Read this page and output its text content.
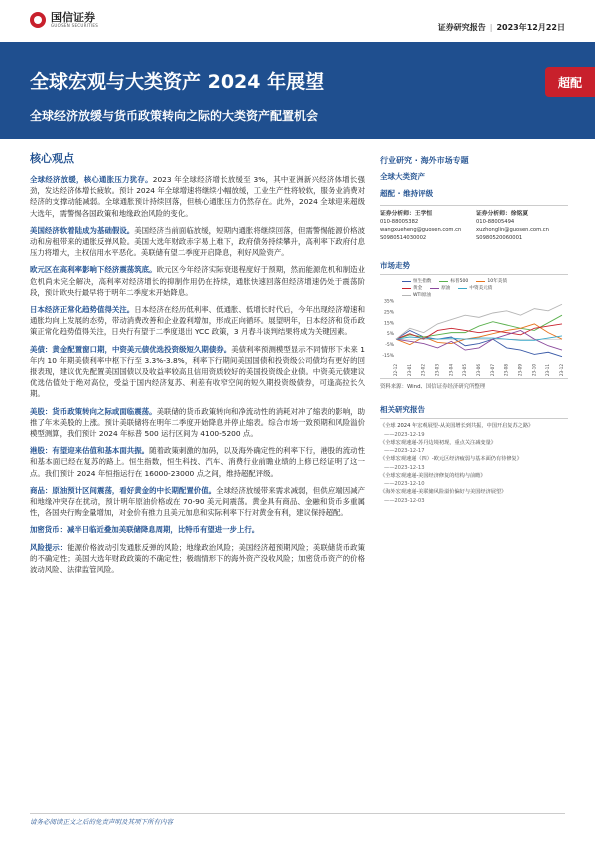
国信证券
GUOSEN SECURITIES	证券研究报告 | 2023年12月22日
全球宏观与大类资产 2024 年展望
全球经济放缓与货币政策转向之际的大类资产配置机会
超配
核心观点
全球经济放缓，核心通胀压力犹存。2023 年全球经济增长放缓至 3%，其中亚洲新兴经济体增长强劲，发达经济体增长疲软。预计 2024 年全球增速将继续小幅放缓，工业生产性将较软，服务业消费对经济的支撑动能减弱。全球通胀预计持续回落，但核心通胀压力仍然存在。此外，2024 全球迎来超级大选年，需警惕各国政策和地缘政治风险的变化。
美国经济软着陆成为基础假设。美国经济当前面临放缓，短期内通胀将继续回落，但需警惕能源价格波动和房租带来的通胀反弹风险。美国大选年财政赤字易上难下，政府债务持续攀升，高利率下政府付息压力将增大，主权信用水平恶化。美联储有望二季度开启降息，利好风险资产。
欧元区在高利率影响下经济震荡筑底。欧元区今年经济实际衰退程度好于预期，然而能源危机和制造业危机尚未完全解决，高利率对经济增长的抑制作用仍在持续，通胀快速回落但经济增速仍处于震荡阶段，预计欧央行最早将于明年二季度末开始降息。
日本经济正常化趋势值得关注。日本经济在经历低利率、低通胀、低增长时代后，今年出现经济增速和通胀均向上发展的态势，带动消费改善和企业盈利增加，形成正向循环。展望明年，日本经济和货币政策正常化趋势值得关注，日央行有望于二季度退出 YCC 政策，3 月春斗谈判结果将成为关键因素。
美债：黄金配置窗口期，中资美元债优选投资级短久期债券。美债利率预测模型显示不同情形下未来 1 年内 10 年期美债利率中枢下行至 3.3%-3.8%，利率下行期间美国国债和投资级公司债均有更好的回报表现，建议优先配置美国国债以及收益率较高且信用资质较好的美国投资级企业债。中资美元债建议优选估值处于绝对高位，受益于国内经济复苏、利差有收窄空间的短久期投资级债券，可逢高拉长久期。
美股：货币政策转向之际或面临震荡。美联储的货币政策转向和净流动性的消耗对冲了缩表的影响，助推了年末美股的上涨。预计美联储将在明年二季度开始降息并停止缩表。综合市场一致预期和风险溢价模型测算，我们预计 2024 年标普 500 运行区间为 4100-5200 点。
港股：有望迎来估值和基本面共振。随着政策刺激的加码，以及海外确定性的利率下行，港股的流动性和基本面已经在复苏的路上。恒生指数，恒生科技、汽车、消费行业前瞻业绩的上修已经证明了这一点。我们预计 2024 年恒指运行在 16000-23000 点之间，维持超配评级。
商品：原油预计区间震荡，看好黄金的中长期配置价值。全球经济放缓带来需求减弱，但供应端因减产和地缘冲突存在扰动，预计明年原油价格或在 70-90 美元间震荡。黄金具有商品、金融和货币多重属性，各国央行购金量增加，对金价有推力且美元加息和实际利率下行对黄金有利，建议保持超配。
加密货币：减半日临近叠加美联储降息周期，比特币有望进一步上行。
风险提示：能源价格波动引发通胀反弹的风险；地缘政治风险；美国经济超预期风险；美联储货币政策的不确定性；美国大选年财政政策的不确定性；极端情形下的海外资产没收风险；加密货币资产的价格波动风险、法律监管风险。
行业研究 · 海外市场专题
全球大类资产
超配 · 维持评级
证券分析师：王学恒
010-88005382
wangxueheng@guosen.com.cn
S0980514030002
证券分析师：徐铭夏
010-88005494
xuzhonglin@guosen.com.cn
S0980520060001
市场走势
35%
25%
15%
5%
-5%
-15%
22-12 23-01 23-02 23-03 23-04 23-05 23-06 23-07 23-08 23-09 23-10 23-11 23-12
恒生指数	标普500	10年美债
黄金	原油	中资美元债
WTI原油
资料来源：Wind、国信证券经济研究所整理
相关研究报告
《全球 2024 年宏观展望-从美国增长到共振，中国开启复苏之路》
——2023-12-19
《全球宏观速递-苏丹边境初现，重点关注减变量》
——2023-12-17
《全球宏观速递（四）-欧元区经济疲弱与基本面仍有待修复》
——2023-12-13
《全球宏观速递-美国经济修复的结构与前瞻》
——2023-12-10
《海外宏观速递-美联储风险溢价偏好与美国经济展望》
——2023-12-03
请务必阅读正文之后的免责声明及其项下所有内容
